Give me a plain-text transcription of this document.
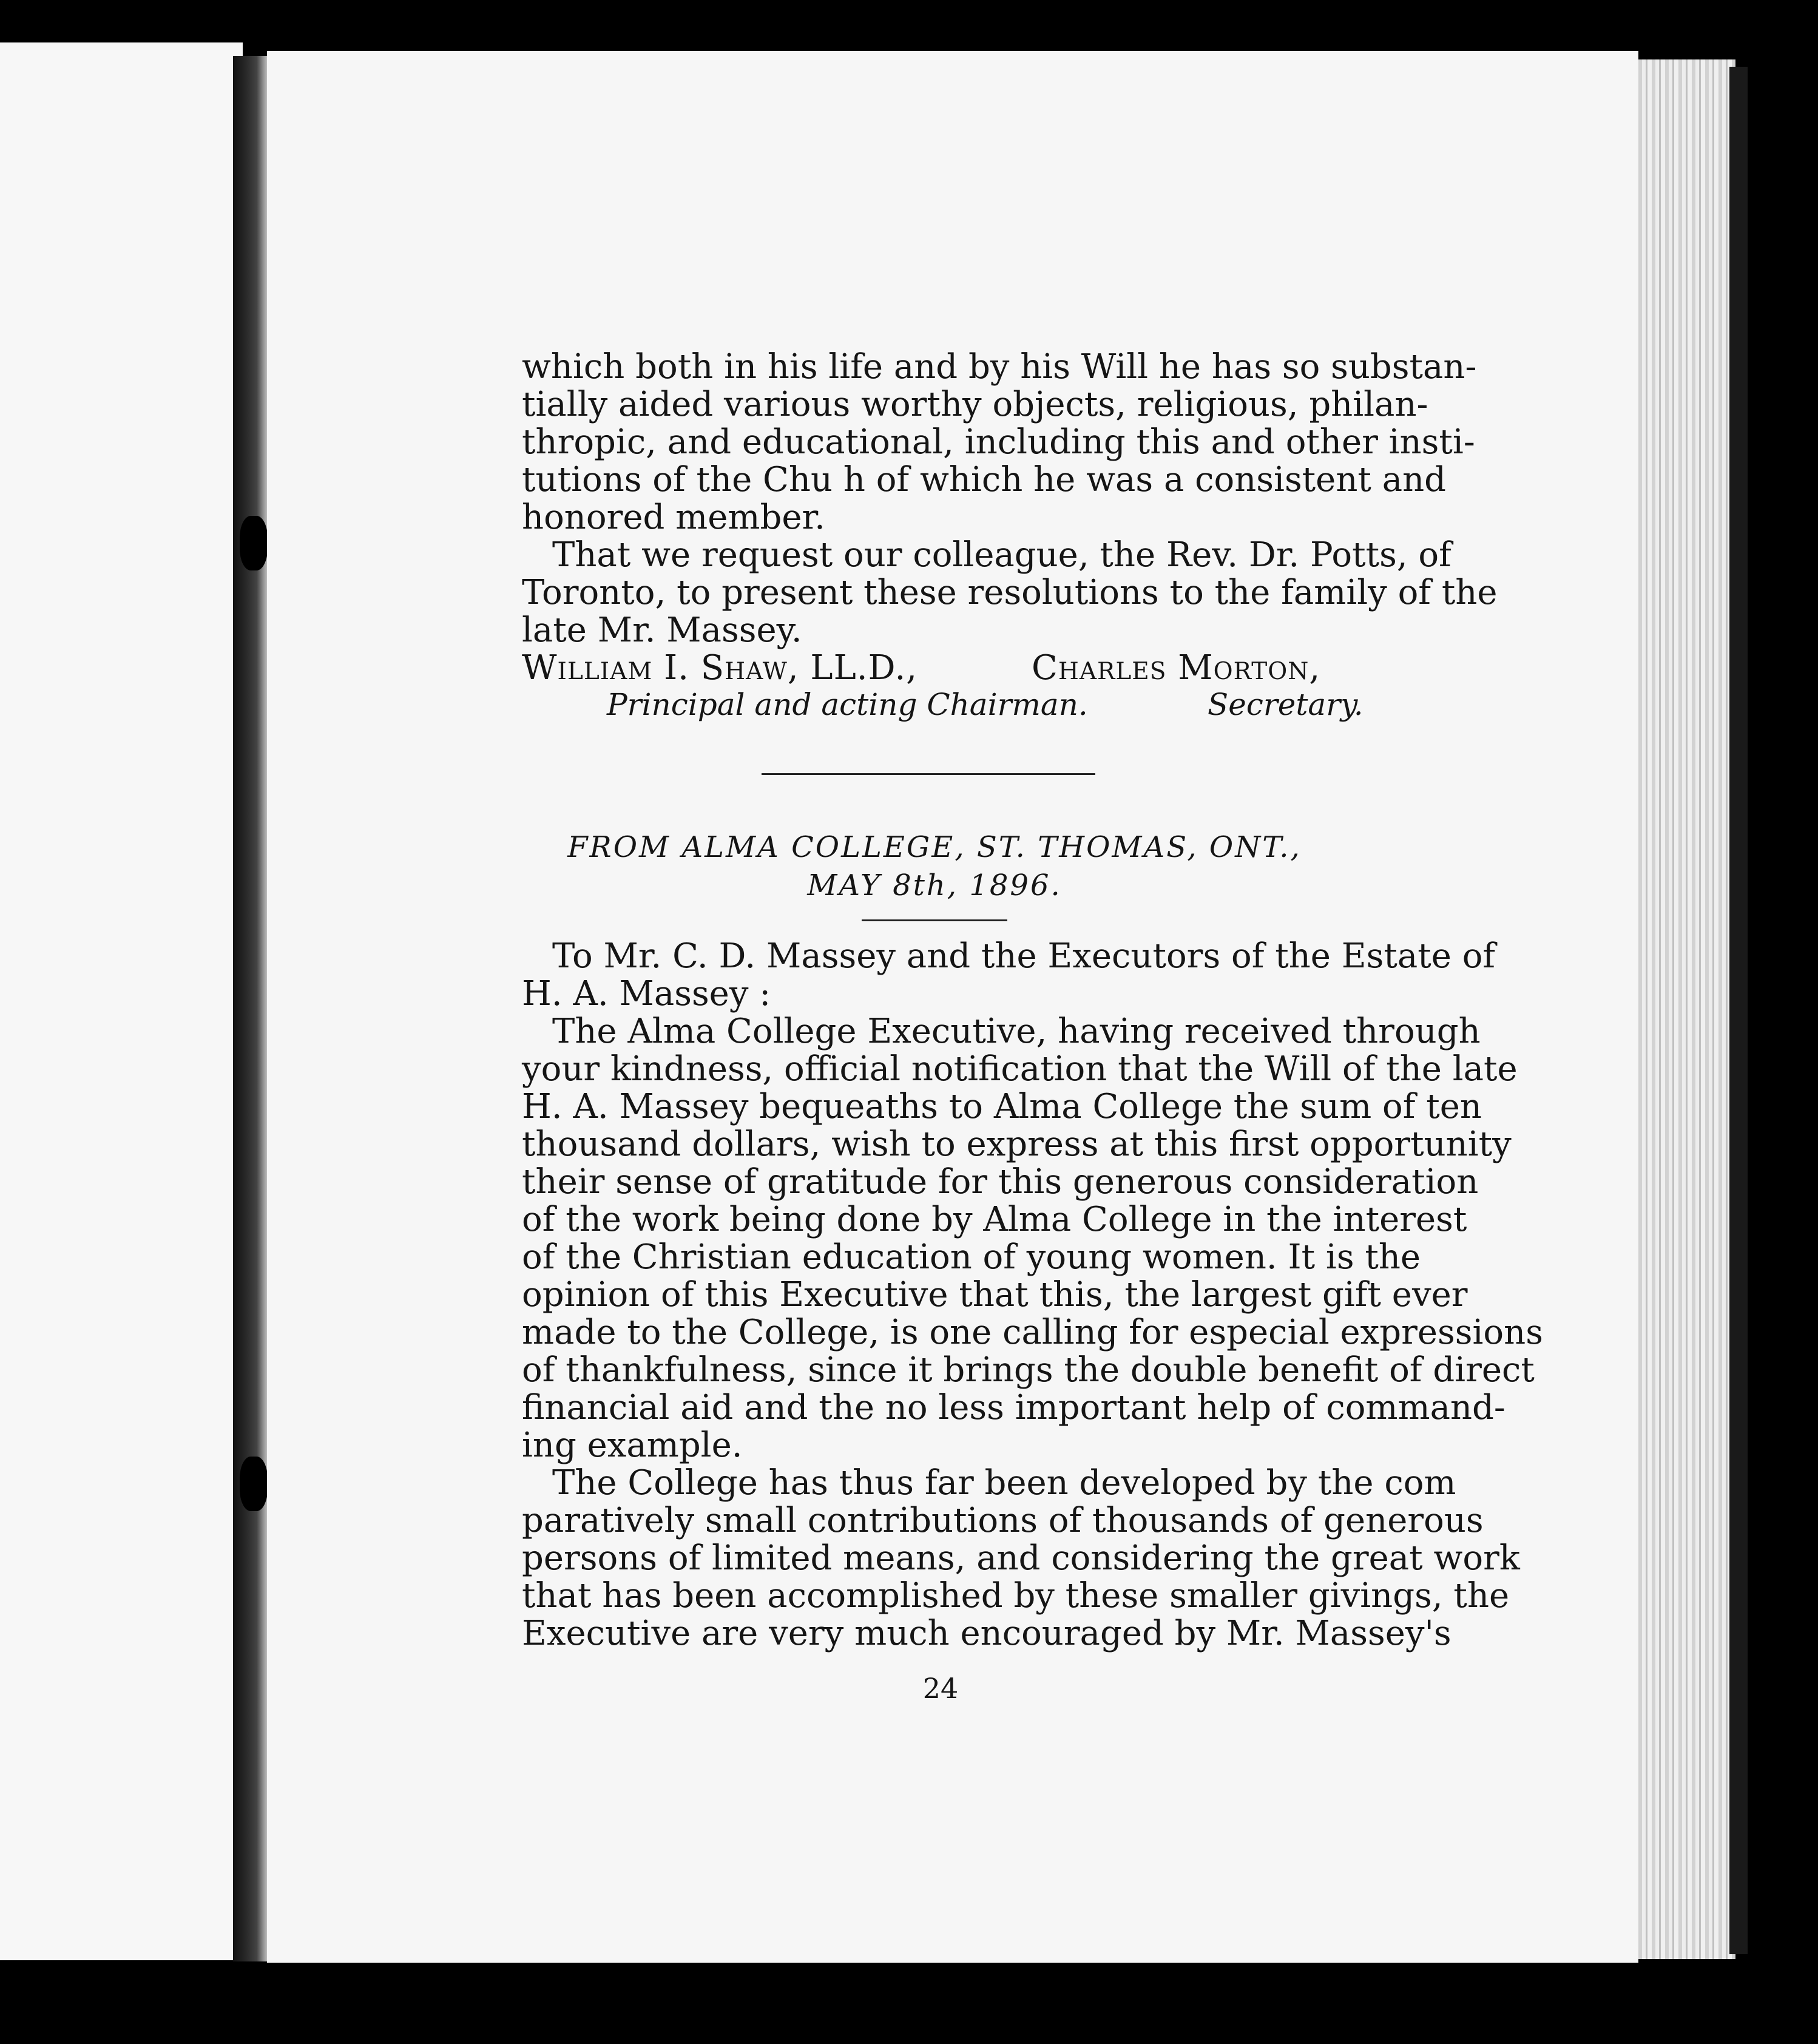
which both in his life and by his Will he has so substan-
tially aided various worthy objects, religious, philan-
thropic, and educational, including this and other insti-
tutions of the Chu h of which he was a consistent and
honored member.
That we request our colleague, the Rev. Dr. Potts, of
Toronto, to present these resolutions to the family of the
late Mr. Massey.
William I. Shaw, LL.D.,
Principal and acting Chairman.
Charles Morton,
Secretary.
FROM ALMA COLLEGE, ST. THOMAS, ONT.,
MAY 8th, 1896.
To Mr. C. D. Massey and the Executors of the Estate of
H. A. Massey :
The Alma College Executive, having received through
your kindness, official notification that the Will of the late
H. A. Massey bequeaths to Alma College the sum of ten
thousand dollars, wish to express at this first opportunity
their sense of gratitude for this generous consideration
of the work being done by Alma College in the interest
of the Christian education of young women. It is the
opinion of this Executive that this, the largest gift ever
made to the College, is one calling for especial expressions
of thankfulness, since it brings the double benefit of direct
financial aid and the no less important help of command-
ing example.
The College has thus far been developed by the com
paratively small contributions of thousands of generous
persons of limited means, and considering the great work
that has been accomplished by these smaller givings, the
Executive are very much encouraged by Mr. Massey's
24
